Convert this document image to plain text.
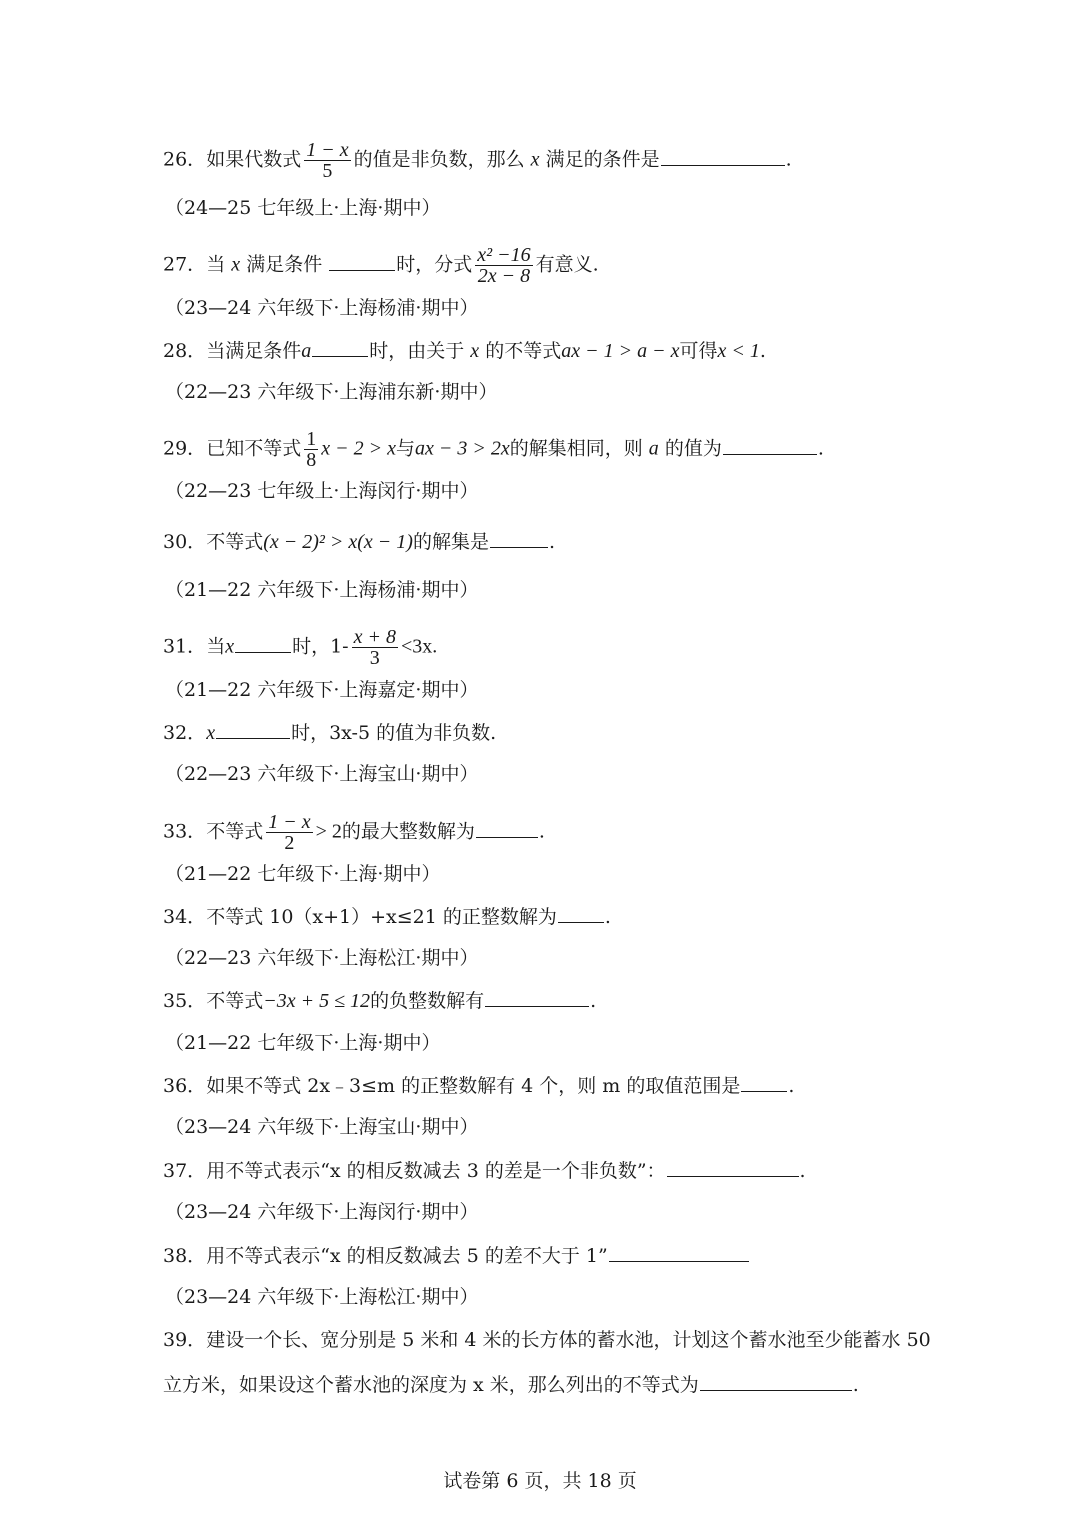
26．如果代数式 $\frac{1 - x}{5}$ 的值是非负数，那么 x 满足的条件是	.
（24—25 七年级上·上海·期中）
27．当 x 满足条件	时，分式 $\frac{\text{x² −16}}{2x - 8}$ 有意义.
（23—24 六年级下·上海杨浦·期中）
28．当满足条件a	时，由关于 x 的不等式ax − 1 > a − x可得x < 1.
（22—23 六年级下·上海浦东新·期中）
29．已知不等式 $\frac{1}{8}$ x − 2 > x与ax − 3 > 2x的解集相同，则 a 的值为	.
（22—23 七年级上·上海闵行·期中）
30．不等式(x − 2)² > x(x − 1)的解集是	.
（21—22 六年级下·上海杨浦·期中）
31．当x	时，$1- \frac{x + 8}{3} <3x$.
（21—22 六年级下·上海嘉定·期中）
32．x	时，3x-5 的值为非负数.
（22—23 六年级下·上海宝山·期中）
33．不等式 $\frac{1 - x}{2} > 2$的最大整数解为	.
（21—22 七年级下·上海·期中）
34．不等式 10（x+1）+x≤21 的正整数解为	.
（22—23 六年级下·上海松江·期中）
35．不等式−3x + 5 ≤ 12的负整数解有	.
（21—22 七年级下·上海·期中）
36．如果不等式 2x﹣3≤m 的正整数解有 4 个，则 m 的取值范围是	.
（23—24 六年级下·上海宝山·期中）
37．用不等式表示“x 的相反数减去 3 的差是一个非负数”：	.
（23—24 六年级下·上海闵行·期中）
38．用不等式表示“x 的相反数减去 5 的差不大于 1”
（23—24 六年级下·上海松江·期中）
39．建设一个长、宽分别是 5 米和 4 米的长方体的蓄水池，计划这个蓄水池至少能蓄水 50
立方米，如果设这个蓄水池的深度为 x 米，那么列出的不等式为	.
试卷第 6 页，共 18 页
